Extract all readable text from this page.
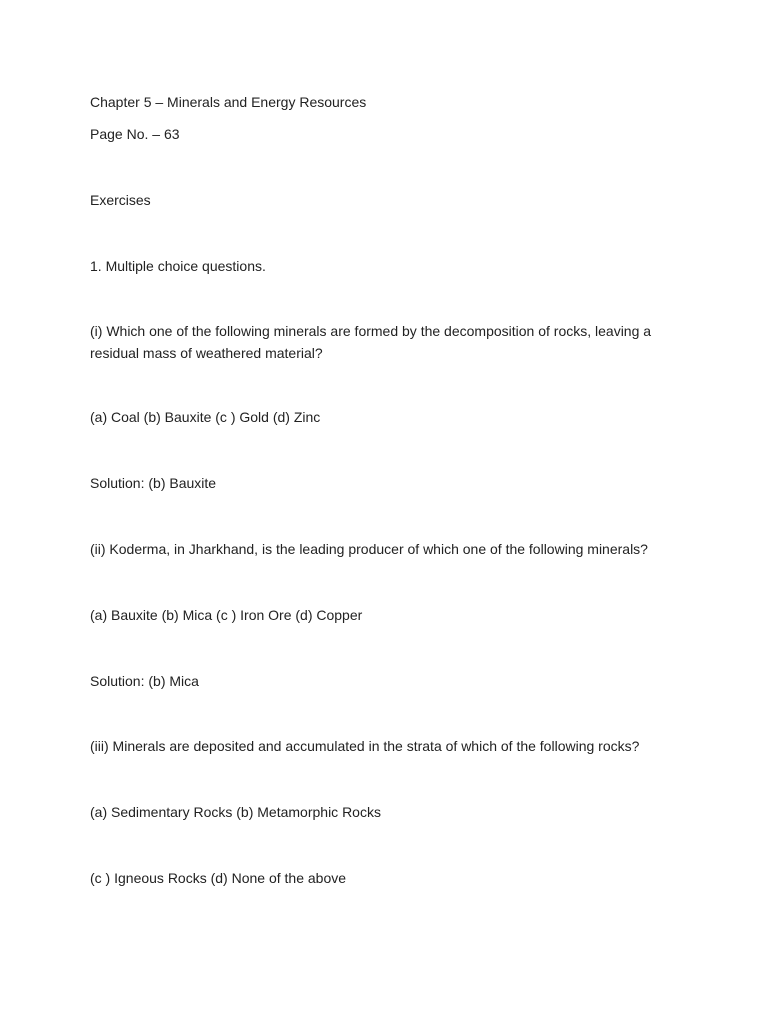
Chapter 5 – Minerals and Energy Resources
Page No. – 63
Exercises
1. Multiple choice questions.
(i) Which one of the following minerals are formed by the decomposition of rocks, leaving a residual mass of weathered material?
(a) Coal (b) Bauxite (c ) Gold (d) Zinc
Solution: (b) Bauxite
(ii) Koderma, in Jharkhand, is the leading producer of which one of the following minerals?
(a) Bauxite (b) Mica (c ) Iron Ore (d) Copper
Solution: (b) Mica
(iii) Minerals are deposited and accumulated in the strata of which of the following rocks?
(a) Sedimentary Rocks (b) Metamorphic Rocks
(c ) Igneous Rocks (d) None of the above
